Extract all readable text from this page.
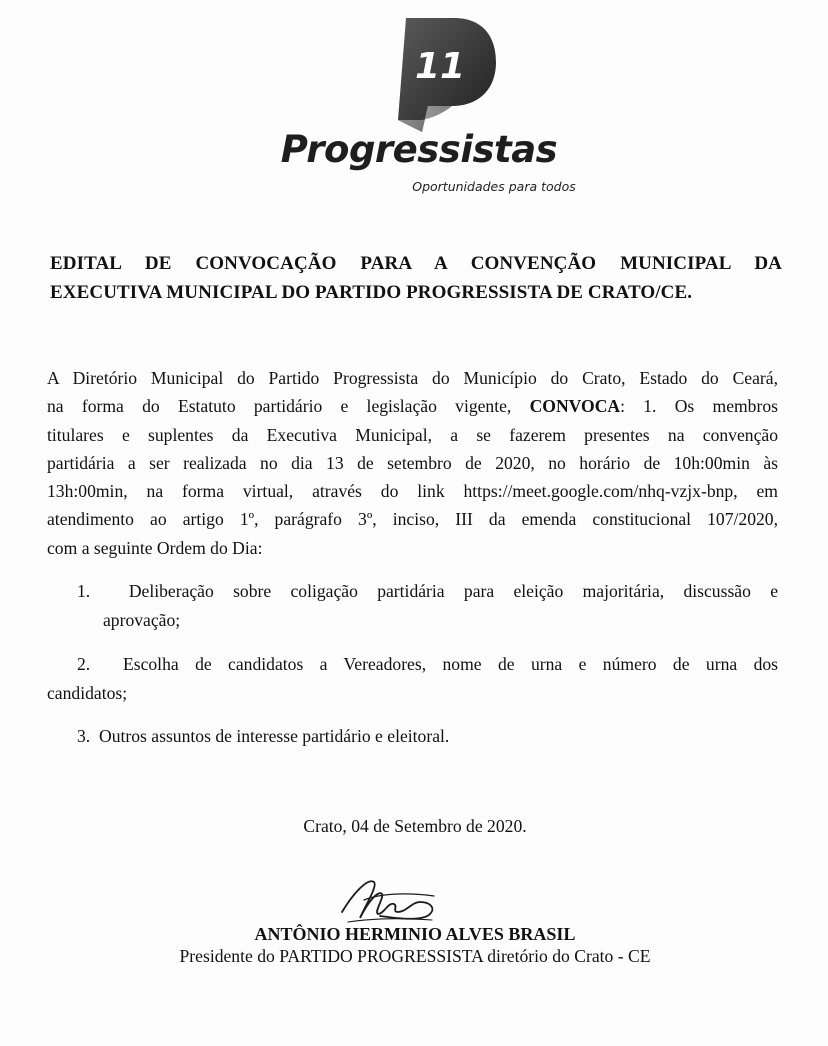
11
Progressistas
Oportunidades para todos
EDITAL DE CONVOCAÇÃO PARA A CONVENÇÃO MUNICIPAL DA
EXECUTIVA MUNICIPAL DO PARTIDO PROGRESSISTA DE CRATO/CE.
A Diretório Municipal do Partido Progressista do Município do Crato, Estado do Ceará,
na forma do Estatuto partidário e legislação vigente, CONVOCA: 1. Os membros
titulares e suplentes da Executiva Municipal, a se fazerem presentes na convenção
partidária a ser realizada no dia 13 de setembro de 2020, no horário de 10h:00min às
13h:00min, na forma virtual, através do link https://meet.google.com/nhq-vzjx-bnp, em
atendimento ao artigo 1º, parágrafo 3º, inciso, III da emenda constitucional 107/2020,
com a seguinte Ordem do Dia:
1. Deliberação sobre coligação partidária para eleição majoritária, discussão e
aprovação;
2. Escolha de candidatos a Vereadores, nome de urna e número de urna dos
candidatos;
3. Outros assuntos de interesse partidário e eleitoral.
Crato, 04 de Setembro de 2020.
ANTÔNIO HERMINIO ALVES BRASIL
Presidente do PARTIDO PROGRESSISTA diretório do Crato - CE
